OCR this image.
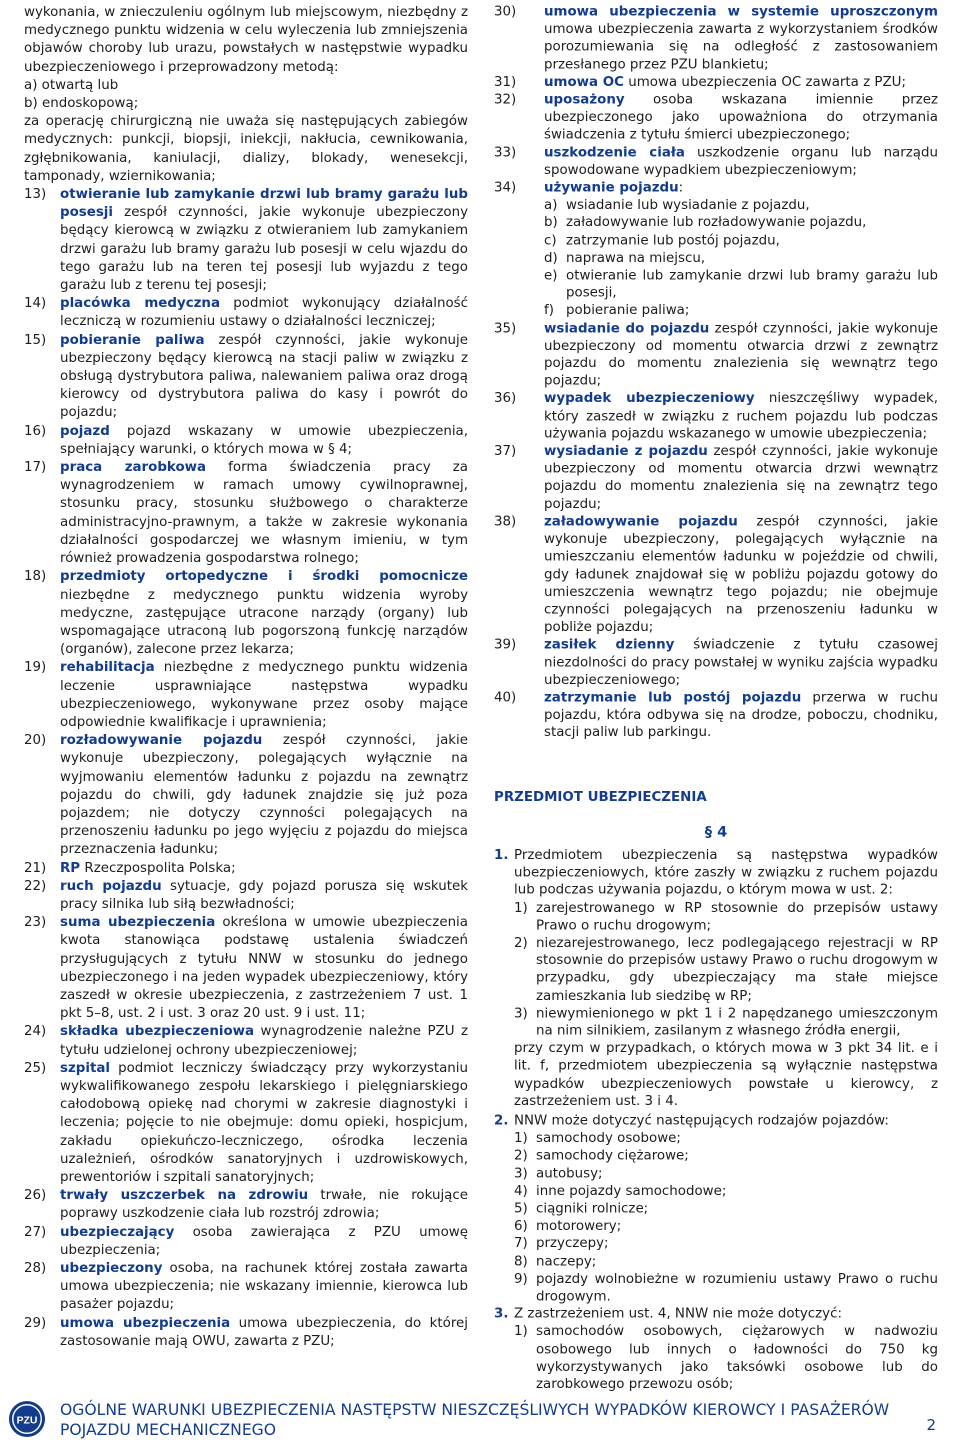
wykonania, w znieczuleniu ogólnym lub miejscowym, niezbędny z medycznego punktu widzenia w celu wyleczenia lub zmniejszenia objawów choroby lub urazu, powstałych w następstwie wypadku ubezpieczeniowego i przeprowadzony metodą:

a) otwartą lub

b) endoskopową;

za operację chirurgiczną nie uważa się następujących zabiegów medycznych: punkcji, biopsji, iniekcji, nakłucia, cewnikowania, zgłębnikowania, kaniulacji, dializy, blokady, wenesekcji, tamponady, wziernikowania;

13)	otwieranie lub zamykanie drzwi lub bramy garażu lub posesji zespół czynności, jakie wykonuje ubezpieczony będący kierowcą w związku z otwieraniem lub zamykaniem drzwi garażu lub bramy garażu lub posesji w celu wjazdu do tego garażu lub na teren tej posesji lub wyjazdu z tego garażu lub z terenu tej posesji;
14)	placówka medyczna podmiot wykonujący działalność leczniczą w rozumieniu ustawy o działalności leczniczej;
15)	pobieranie paliwa zespół czynności, jakie wykonuje ubezpieczony będący kierowcą na stacji paliw w związku z obsługą dystrybutora paliwa, nalewaniem paliwa oraz drogą kierowcy od dystrybutora paliwa do kasy i powrót do pojazdu;
16)	pojazd pojazd wskazany w umowie ubezpieczenia, spełniający warunki, o których mowa w § 4;
17)	praca zarobkowa forma świadczenia pracy za wynagrodzeniem w ramach umowy cywilnoprawnej, stosunku pracy, stosunku służbowego o charakterze administracyjno-prawnym, a także w zakresie wykonania działalności gospodarczej we własnym imieniu, w tym również prowadzenia gospodarstwa rolnego;
18)	przedmioty ortopedyczne i środki pomocnicze niezbędne z medycznego punktu widzenia wyroby medyczne, zastępujące utracone narządy (organy) lub wspomagające utraconą lub pogorszoną funkcję narządów (organów), zalecone przez lekarza;
19)	rehabilitacja niezbędne z medycznego punktu widzenia leczenie usprawniające następstwa wypadku ubezpieczeniowego, wykonywane przez osoby mające odpowiednie kwalifikacje i uprawnienia;
20)	rozładowywanie pojazdu zespół czynności, jakie wykonuje ubezpieczony, polegających wyłącznie na wyjmowaniu elementów ładunku z pojazdu na zewnątrz pojazdu do chwili, gdy ładunek znajdzie się już poza pojazdem; nie dotyczy czynności polegających na przenoszeniu ładunku po jego wyjęciu z pojazdu do miejsca przeznaczenia ładunku;
21)	RP Rzeczpospolita Polska;
22)	ruch pojazdu sytuacje, gdy pojazd porusza się wskutek pracy silnika lub siłą bezwładności;
23)	suma ubezpieczenia określona w umowie ubezpieczenia kwota stanowiąca podstawę ustalenia świadczeń przysługujących z tytułu NNW w stosunku do jednego ubezpieczonego i na jeden wypadek ubezpieczeniowy, który zaszedł w okresie ubezpieczenia, z zastrzeżeniem 7 ust. 1 pkt 5–8, ust. 2 i ust. 3 oraz 20 ust. 9 i ust. 11;
24)	składka ubezpieczeniowa wynagrodzenie należne PZU z tytułu udzielonej ochrony ubezpieczeniowej;
25)	szpital podmiot leczniczy świadczący przy wykorzystaniu wykwalifikowanego zespołu lekarskiego i pielęgniarskiego całodobową opiekę nad chorymi w zakresie diagnostyki i leczenia; pojęcie to nie obejmuje: domu opieki, hospicjum, zakładu opiekuńczo-leczniczego, ośrodka leczenia uzależnień, ośrodków sanatoryjnych i uzdrowiskowych, prewentoriów i szpitali sanatoryjnych;
26)	trwały uszczerbek na zdrowiu trwałe, nie rokujące poprawy uszkodzenie ciała lub rozstrój zdrowia;
27)	ubezpieczający osoba zawierająca z PZU umowę ubezpieczenia;
28)	ubezpieczony osoba, na rachunek której została zawarta umowa ubezpieczenia; nie wskazany imiennie, kierowca lub pasażer pojazdu;
29)	umowa ubezpieczenia umowa ubezpieczenia, do której zastosowanie mają OWU, zawarta z PZU;
30)	umowa ubezpieczenia w systemie uproszczonym umowa ubezpieczenia zawarta z wykorzystaniem środków porozumiewania się na odległość z zastosowaniem przesłanego przez PZU blankietu;
31)	umowa OC umowa ubezpieczenia OC zawarta z PZU;
32)	uposażony osoba wskazana imiennie przez ubezpieczonego jako upoważniona do otrzymania świadczenia z tytułu śmierci ubezpieczonego;
33)	uszkodzenie ciała uszkodzenie organu lub narządu spowodowane wypadkiem ubezpieczeniowym;
34)	używanie pojazdu:
a) wsiadanie lub wysiadanie z pojazdu,
b) załadowywanie lub rozładowywanie pojazdu,
c) zatrzymanie lub postój pojazdu,
d) naprawa na miejscu,
e) otwieranie lub zamykanie drzwi lub bramy garażu lub posesji,
f) pobieranie paliwa;
35)	wsiadanie do pojazdu zespół czynności, jakie wykonuje ubezpieczony od momentu otwarcia drzwi z zewnątrz pojazdu do momentu znalezienia się wewnątrz tego pojazdu;
36)	wypadek ubezpieczeniowy nieszczęśliwy wypadek, który zaszedł w związku z ruchem pojazdu lub podczas używania pojazdu wskazanego w umowie ubezpieczenia;
37)	wysiadanie z pojazdu zespół czynności, jakie wykonuje ubezpieczony od momentu otwarcia drzwi wewnątrz pojazdu do momentu znalezienia się na zewnątrz tego pojazdu;
38)	załadowywanie pojazdu zespół czynności, jakie wykonuje ubezpieczony, polegających wyłącznie na umieszczaniu elementów ładunku w pojeździe od chwili, gdy ładunek znajdował się w pobliżu pojazdu gotowy do umieszczenia wewnątrz tego pojazdu; nie obejmuje czynności polegających na przenoszeniu ładunku w pobliże pojazdu;
39)	zasiłek dzienny świadczenie z tytułu czasowej niezdolności do pracy powstałej w wyniku zajścia wypadku ubezpieczeniowego;
40)	zatrzymanie lub postój pojazdu przerwa w ruchu pojazdu, która odbywa się na drodze, poboczu, chodniku, stacji paliw lub parkingu.
PRZEDMIOT UBEZPIECZENIA
§ 4
1. Przedmiotem ubezpieczenia są następstwa wypadków ubezpieczeniowych, które zaszły w związku z ruchem pojazdu lub podczas używania pojazdu, o którym mowa w ust. 2:
1) zarejestrowanego w RP stosownie do przepisów ustawy Prawo o ruchu drogowym;
2) niezarejestrowanego, lecz podlegającego rejestracji w RP stosownie do przepisów ustawy Prawo o ruchu drogowym w przypadku, gdy ubezpieczający ma stałe miejsce zamieszkania lub siedzibę w RP;
3) niewymienionego w pkt 1 i 2 napędzanego umieszczonym na nim silnikiem, zasilanym z własnego źródła energii,
przy czym w przypadkach, o których mowa w 3 pkt 34 lit. e i lit. f, przedmiotem ubezpieczenia są wyłącznie następstwa wypadków ubezpieczeniowych powstałe u kierowcy, z zastrzeżeniem ust. 3 i 4.
2. NNW może dotyczyć następujących rodzajów pojazdów:
1) samochody osobowe;
2) samochody ciężarowe;
3) autobusy;
4) inne pojazdy samochodowe;
5) ciągniki rolnicze;
6) motorowery;
7) przyczepy;
8) naczepy;
9) pojazdy wolnobieżne w rozumieniu ustawy Prawo o ruchu drogowym.
3. Z zastrzeżeniem ust. 4, NNW nie może dotyczyć:
1) samochodów osobowych, ciężarowych w nadwoziu osobowego lub innych o ładowności do 750 kg wykorzystywanych jako taksówki osobowe lub do zarobkowego przewozu osób;
PZU
OGÓLNE WARUNKI UBEZPIECZENIA NASTĘPSTW NIESZCZĘŚLIWYCH WYPADKÓW KIEROWCY I PASAŻERÓW
POJAZDU MECHANICZNEGO	2
